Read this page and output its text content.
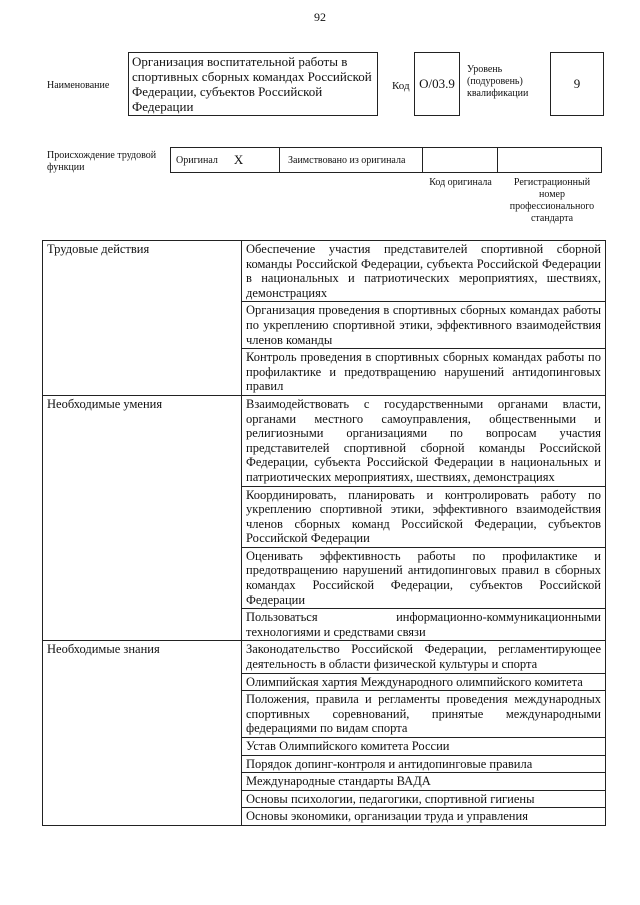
92
Наименование
Организация воспитательной работы в спортивных сборных командах Российской Федерации, субъектов Российской Федерации
Код О/03.9
Уровень (подуровень) квалификации
9
Происхождение трудовой функции
Оригинал X	Заимствовано из оригинала
Код оригинала	Регистрационный номер профессионального стандарта
Трудовые действия	Обеспечение участия представителей спортивной сборной команды Российской Федерации, субъекта Российской Федерации в национальных и патриотических мероприятиях, шествиях, демонстрациях
	Организация проведения в спортивных сборных командах работы по укреплению спортивной этики, эффективного взаимодействия членов команды
	Контроль проведения в спортивных сборных командах работы по профилактике и предотвращению нарушений антидопинговых правил
Необходимые умения	Взаимодействовать с государственными органами власти, органами местного самоуправления, общественными и религиозными организациями по вопросам участия представителей спортивной сборной команды Российской Федерации, субъекта Российской Федерации в национальных и патриотических мероприятиях, шествиях, демонстрациях
	Координировать, планировать и контролировать работу по укреплению спортивной этики, эффективного взаимодействия членов сборных команд Российской Федерации, субъектов Российской Федерации
	Оценивать эффективность работы по профилактике и предотвращению нарушений антидопинговых правил в сборных командах Российской Федерации, субъектов Российской Федерации
	Пользоваться информационно-коммуникационными технологиями и средствами связи
Необходимые знания	Законодательство Российской Федерации, регламентирующее деятельность в области физической культуры и спорта
	Олимпийская хартия Международного олимпийского комитета
	Положения, правила и регламенты проведения международных спортивных соревнований, принятые международными федерациями по видам спорта
	Устав Олимпийского комитета России
	Порядок допинг-контроля и антидопинговые правила
	Международные стандарты ВАДА
	Основы психологии, педагогики, спортивной гигиены
	Основы экономики, организации труда и управления
